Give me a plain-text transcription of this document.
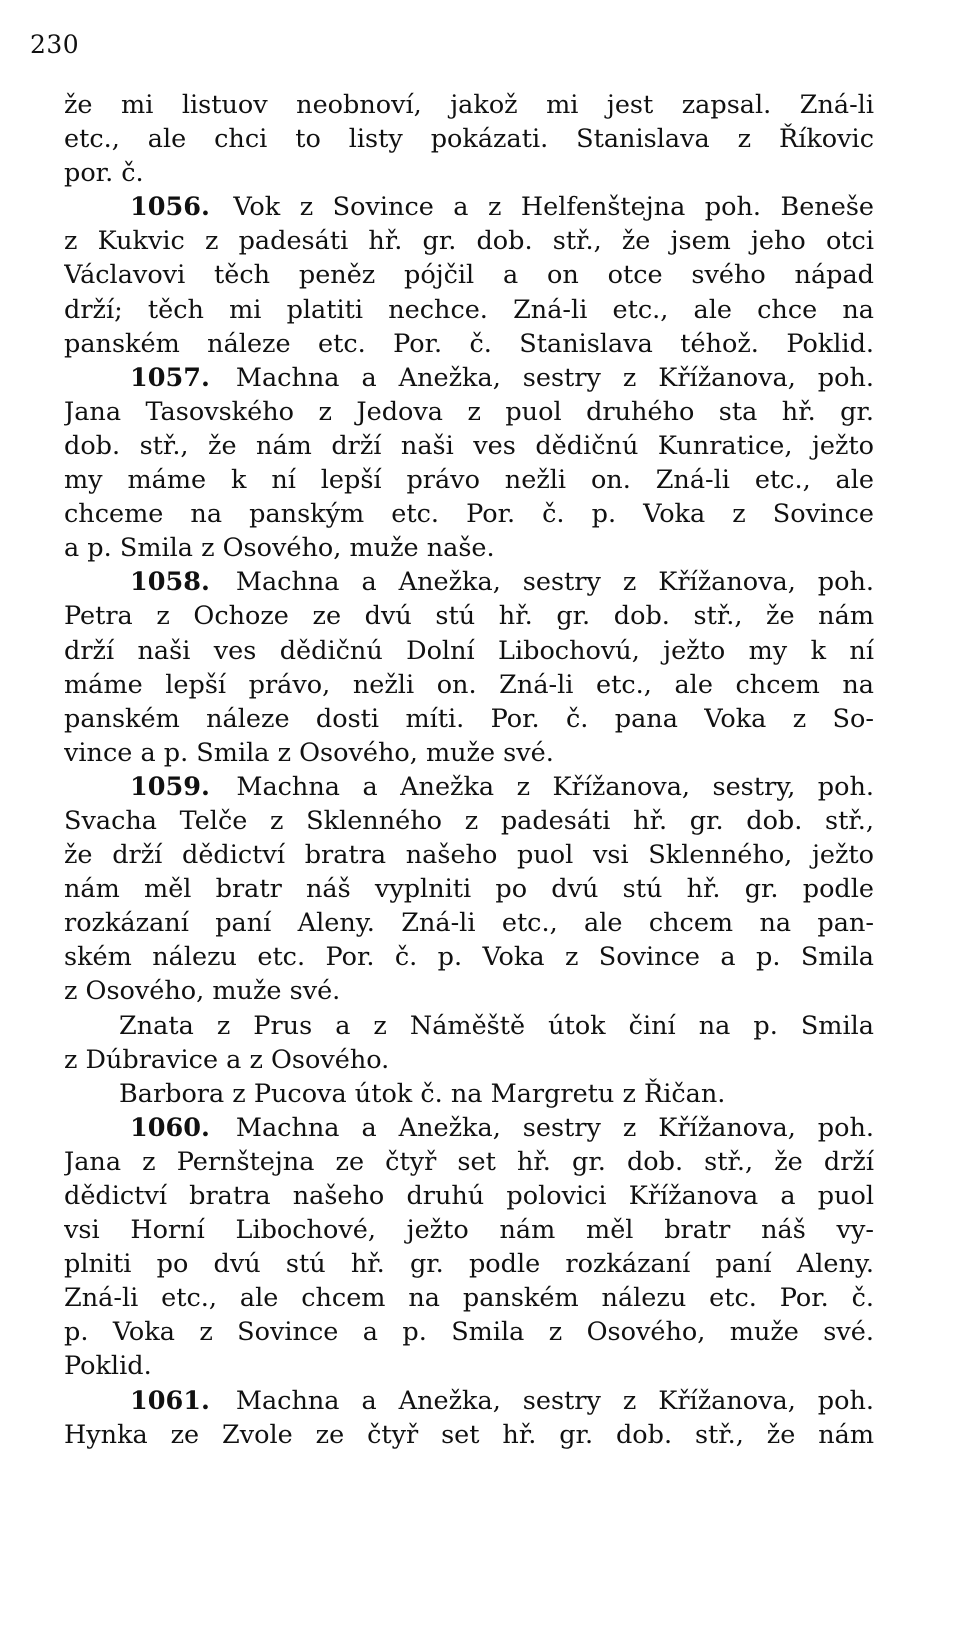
230
že mi listuov neobnoví, jakož mi jest zapsal. Zná-li
etc., ale chci to listy pokázati. Stanislava z Říkovic
por. č.
1056. Vok z Sovince a z Helfenštejna poh. Beneše
z Kukvic z padesáti hř. gr. dob. stř., že jsem jeho otci
Václavovi těch peněz pójčil a on otce svého nápad
drží; těch mi platiti nechce. Zná-li etc., ale chce na
panském náleze etc. Por. č. Stanislava téhož. Poklid.
1057. Machna a Anežka, sestry z Křížanova, poh.
Jana Tasovského z Jedova z puol druhého sta hř. gr.
dob. stř., že nám drží naši ves dědičnú Kunratice, ježto
my máme k ní lepší právo nežli on. Zná-li etc., ale
chceme na panským etc. Por. č. p. Voka z Sovince
a p. Smila z Osového, muže naše.
1058. Machna a Anežka, sestry z Křížanova, poh.
Petra z Ochoze ze dvú stú hř. gr. dob. stř., že nám
drží naši ves dědičnú Dolní Libochovú, ježto my k ní
máme lepší právo, nežli on. Zná-li etc., ale chcem na
panském náleze dosti míti. Por. č. pana Voka z So-
vince a p. Smila z Osového, muže své.
1059. Machna a Anežka z Křížanova, sestry, poh.
Svacha Telče z Sklenného z padesáti hř. gr. dob. stř.,
že drží dědictví bratra našeho puol vsi Sklenného, ježto
nám měl bratr náš vyplniti po dvú stú hř. gr. podle
rozkázaní paní Aleny. Zná-li etc., ale chcem na pan-
ském nálezu etc. Por. č. p. Voka z Sovince a p. Smila
z Osového, muže své.
Znata z Prus a z Náměště útok činí na p. Smila
z Dúbravice a z Osového.
Barbora z Pucova útok č. na Margretu z Řičan.
1060. Machna a Anežka, sestry z Křížanova, poh.
Jana z Pernštejna ze čtyř set hř. gr. dob. stř., že drží
dědictví bratra našeho druhú polovici Křížanova a puol
vsi Horní Libochové, ježto nám měl bratr náš vy-
plniti po dvú stú hř. gr. podle rozkázaní paní Aleny.
Zná-li etc., ale chcem na panském nálezu etc. Por. č.
p. Voka z Sovince a p. Smila z Osového, muže své.
Poklid.
1061. Machna a Anežka, sestry z Křížanova, poh.
Hynka ze Zvole ze čtyř set hř. gr. dob. stř., že nám
